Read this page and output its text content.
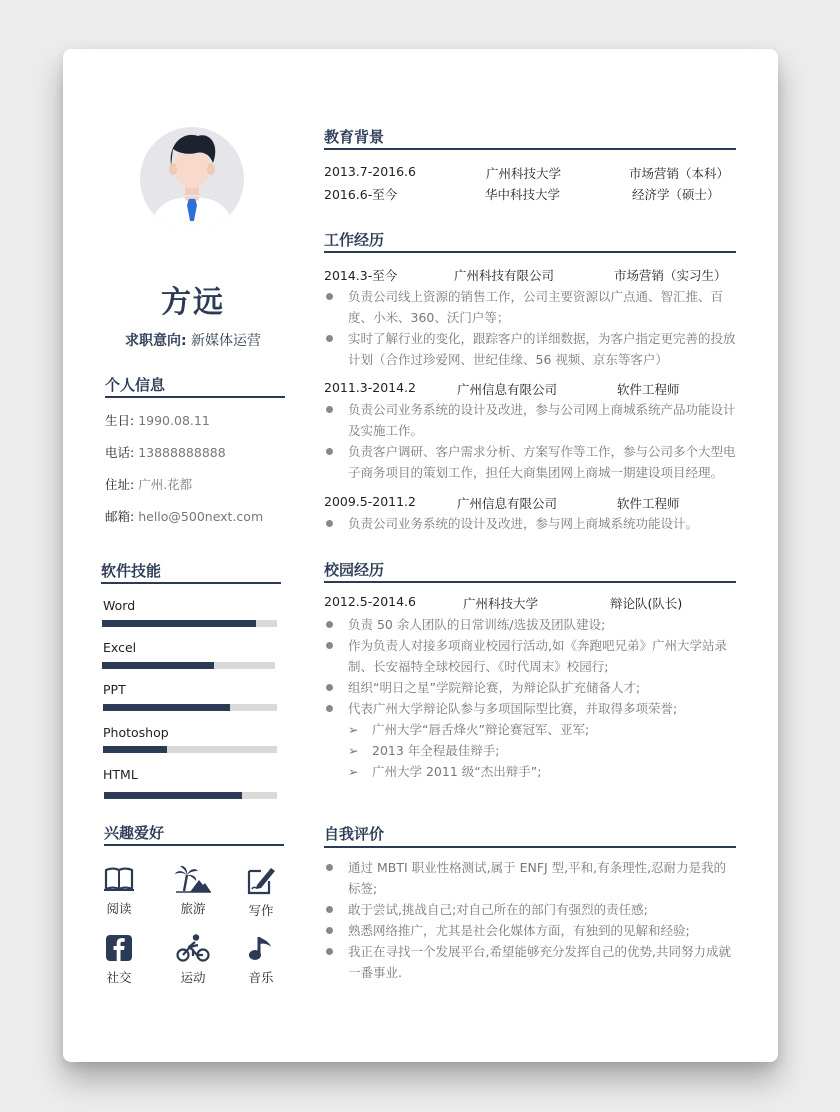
方远
求职意向: 新媒体运营
个人信息
生日: 1990.08.11
电话: 13888888888
住址: 广州.花都
邮箱: hello@500next.com
软件技能
Word
Excel
PPT
Photoshop
HTML
兴趣爱好
阅读	旅游	写作
社交	运动	音乐
教育背景
2013.7-2016.6	广州科技大学	市场营销（本科）
2016.6-至今	华中科技大学	经济学（硕士）
工作经历
2014.3-至今	广州科技有限公司	市场营销（实习生）
负责公司线上资源的销售工作，公司主要资源以广点通、智汇推、百度、小米、360、沃门户等；
实时了解行业的变化，跟踪客户的详细数据，为客户指定更完善的投放计划（合作过珍爱网、世纪佳缘、56 视频、京东等客户）
2011.3-2014.2	广州信息有限公司	软件工程师
负责公司业务系统的设计及改进，参与公司网上商城系统产品功能设计及实施工作。
负责客户调研、客户需求分析、方案写作等工作，参与公司多个大型电子商务项目的策划工作，担任大商集团网上商城一期建设项目经理。
2009.5-2011.2	广州信息有限公司	软件工程师
负责公司业务系统的设计及改进，参与网上商城系统功能设计。
校园经历
2012.5-2014.6	广州科技大学	辩论队(队长)
负责 50 余人团队的日常训练/选拔及团队建设;
作为负责人对接多项商业校园行活动,如《奔跑吧兄弟》广州大学站录制、长安福特全球校园行、《时代周末》校园行;
组织“明日之星”学院辩论赛，为辩论队扩充储备人才;
代表广州大学辩论队参与多项国际型比赛，并取得多项荣誉;
➢ 广州大学“唇舌烽火”辩论赛冠军、亚军;
➢ 2013 年全程最佳辩手;
➢ 广州大学 2011 级“杰出辩手”;
自我评价
通过 MBTI 职业性格测试,属于 ENFJ 型,平和,有条理性,忍耐力是我的标签;
敢于尝试,挑战自己;对自己所在的部门有强烈的责任感;
熟悉网络推广，尤其是社会化媒体方面，有独到的见解和经验;
我正在寻找一个发展平台,希望能够充分发挥自己的优势,共同努力成就一番事业.
